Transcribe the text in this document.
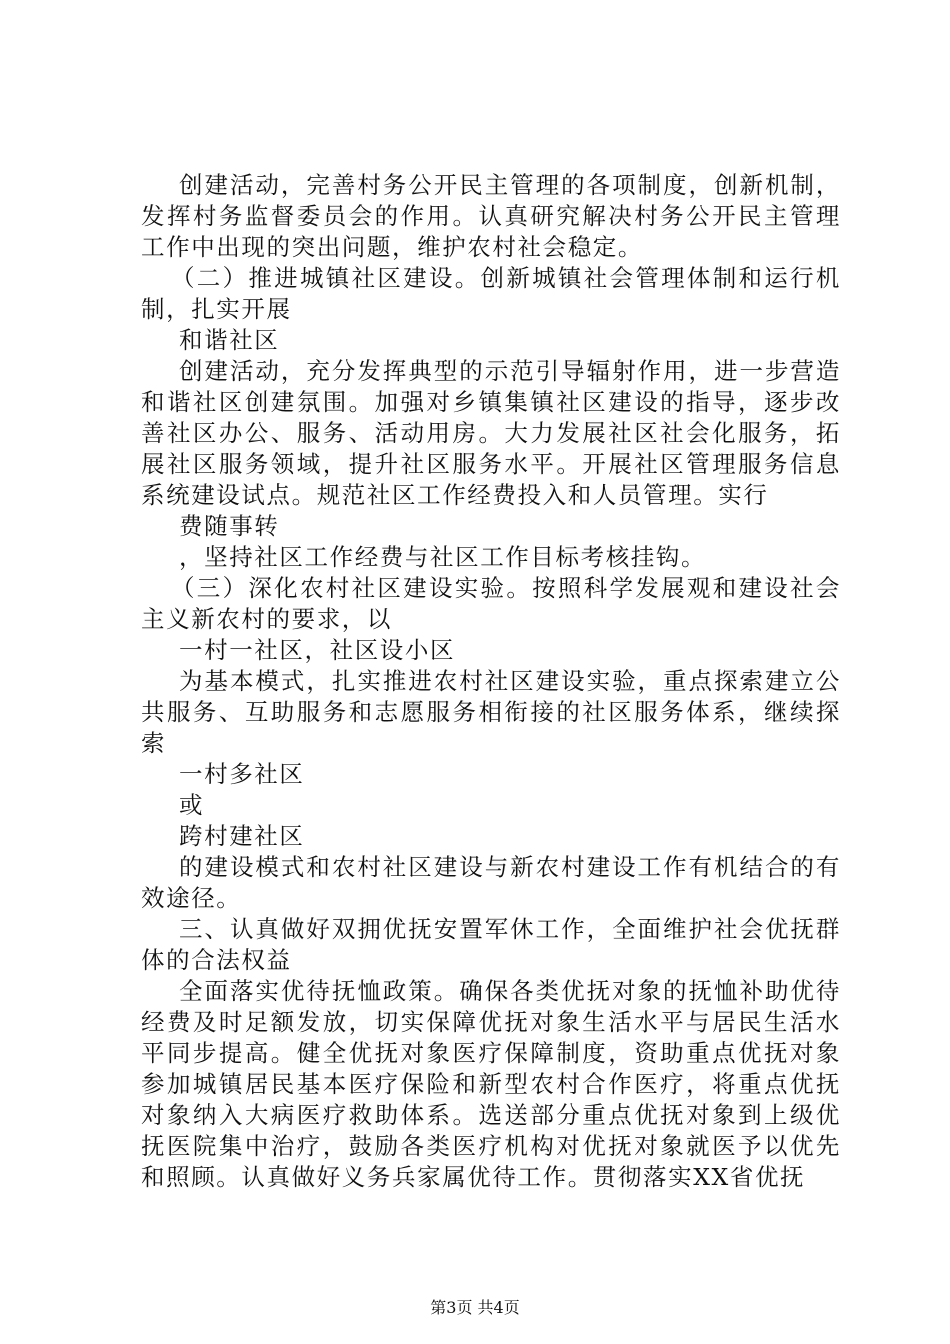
创建活动，完善村务公开民主管理的各项制度，创新机制，发挥村务监督委员会的作用。认真研究解决村务公开民主管理工作中出现的突出问题，维护农村社会稳定。

（二）推进城镇社区建设。创新城镇社会管理体制和运行机制，扎实开展

和谐社区

创建活动，充分发挥典型的示范引导辐射作用，进一步营造和谐社区创建氛围。加强对乡镇集镇社区建设的指导，逐步改善社区办公、服务、活动用房。大力发展社区社会化服务，拓展社区服务领域，提升社区服务水平。开展社区管理服务信息系统建设试点。规范社区工作经费投入和人员管理。实行

费随事转

，坚持社区工作经费与社区工作目标考核挂钩。

（三）深化农村社区建设实验。按照科学发展观和建设社会主义新农村的要求，以

一村一社区，社区设小区

为基本模式，扎实推进农村社区建设实验，重点探索建立公共服务、互助服务和志愿服务相衔接的社区服务体系，继续探索

一村多社区

或

跨村建社区

的建设模式和农村社区建设与新农村建设工作有机结合的有效途径。

三、认真做好双拥优抚安置军休工作，全面维护社会优抚群体的合法权益

全面落实优待抚恤政策。确保各类优抚对象的抚恤补助优待经费及时足额发放，切实保障优抚对象生活水平与居民生活水平同步提高。健全优抚对象医疗保障制度，资助重点优抚对象参加城镇居民基本医疗保险和新型农村合作医疗，将重点优抚对象纳入大病医疗救助体系。选送部分重点优抚对象到上级优抚医院集中治疗，鼓励各类医疗机构对优抚对象就医予以优先和照顾。认真做好义务兵家属优待工作。贯彻落实XX省优抚

第3页 共4页
